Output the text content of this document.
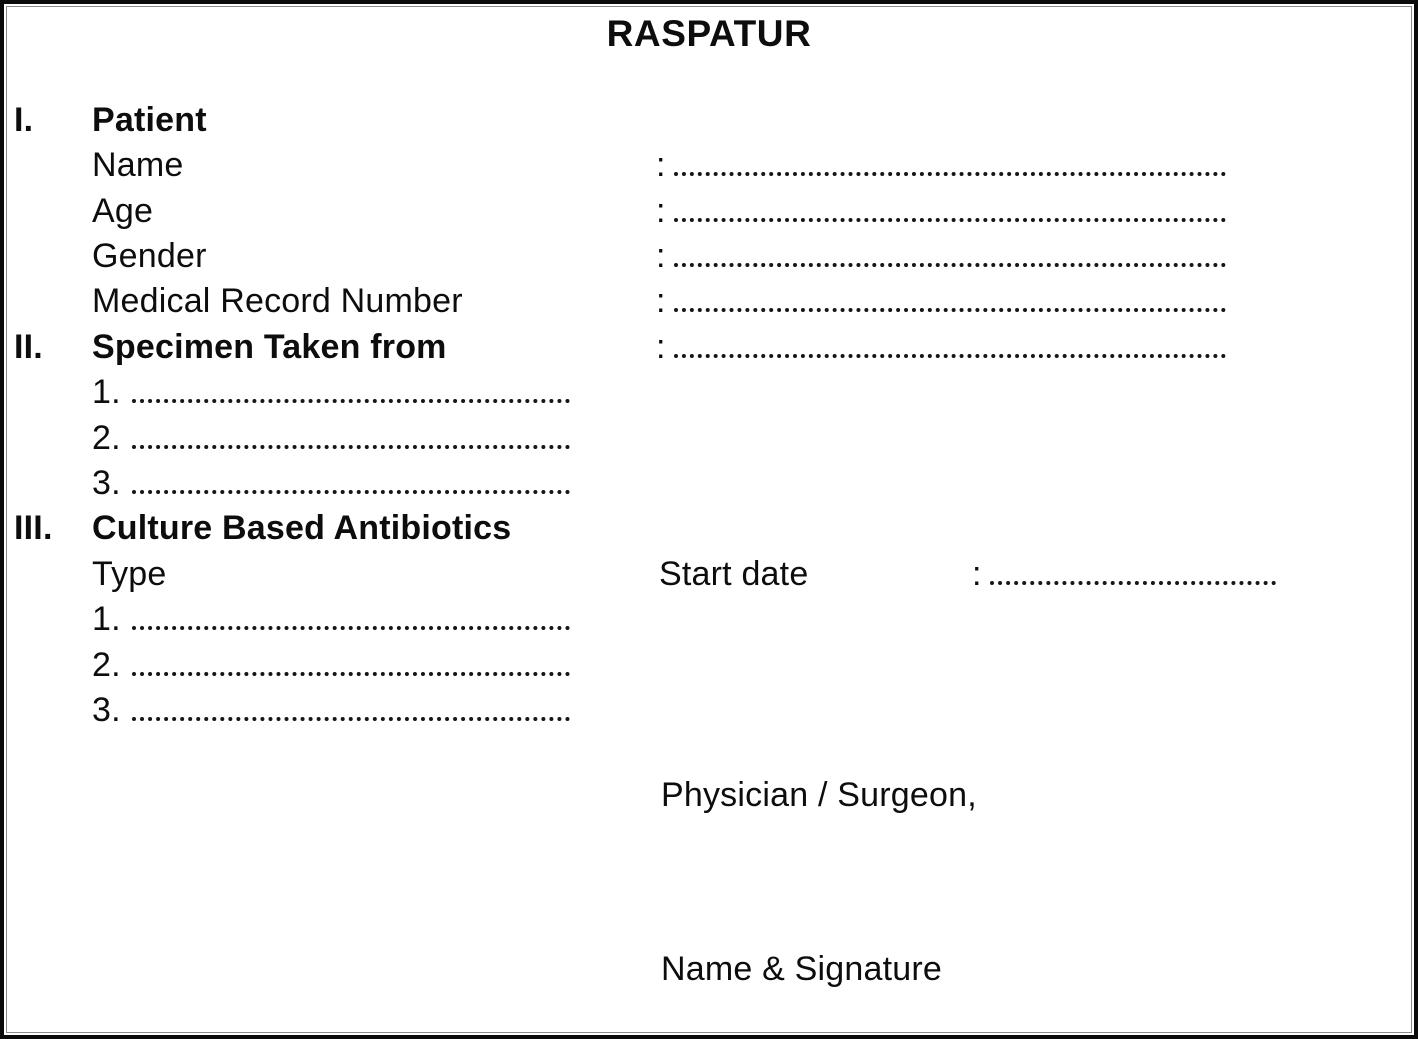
RASPATUR
I. Patient
Name	:
Age	:
Gender	:
Medical Record Number	:
II. Specimen Taken from	:
1.
2.
3.
III. Culture Based Antibiotics
Type	Start date	:
1.
2.
3.
Physician / Surgeon,
Name & Signature
